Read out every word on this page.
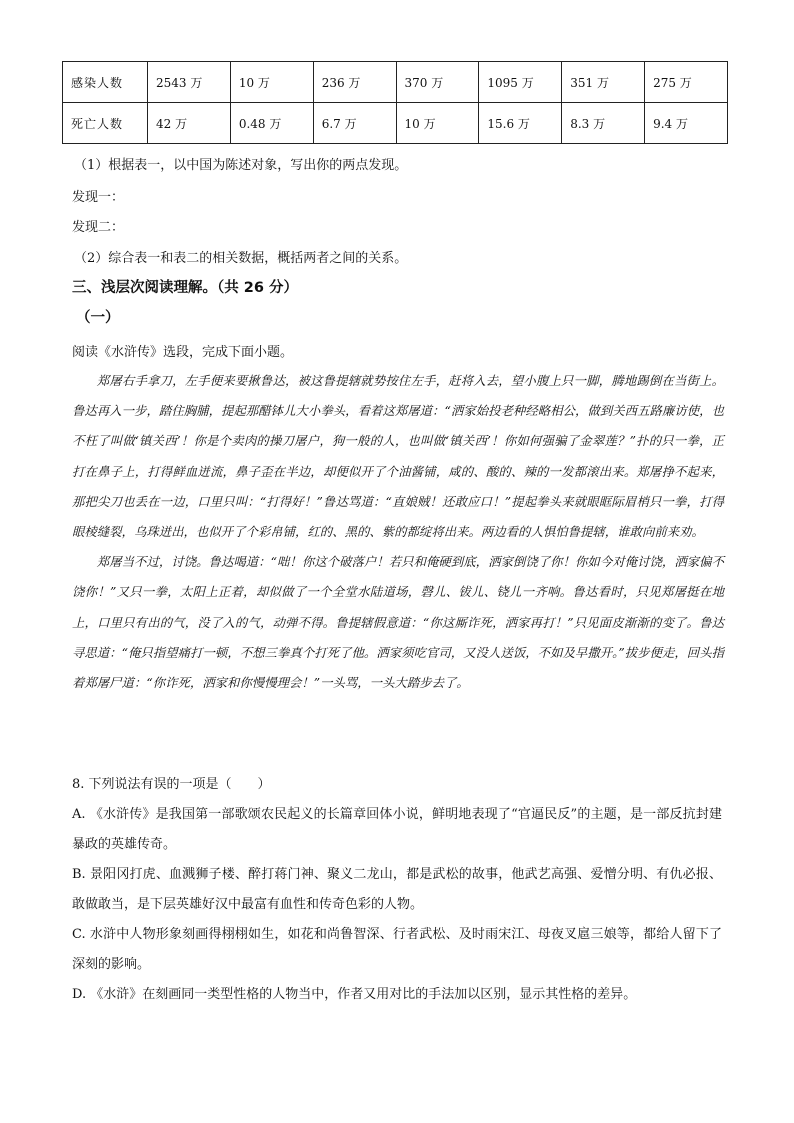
感染人数	2543 万	10 万	236 万	370 万	1095 万	351 万	275 万
死亡人数	42 万	0.48 万	6.7 万	10 万	15.6 万	8.3 万	9.4 万
（1）根据表一，以中国为陈述对象，写出你的两点发现。
发现一：
发现二：
（2）综合表一和表二的相关数据，概括两者之间的关系。
三、浅层次阅读理解。（共 26 分）
（一）
阅读《水浒传》选段，完成下面小题。

郑屠右手拿刀，左手便来要揪鲁达，被这鲁提辖就势按住左手，赶将入去，望小腹上只一脚，腾地踢倒在当街上。鲁达再入一步，踏住胸脯，提起那醋钵儿大小拳头，看着这郑屠道：“洒家始投老种经略相公，做到关西五路廉访使，也不枉了叫做‘镇关西’！你是个卖肉的操刀屠户，狗一般的人，也叫做‘镇关西’！你如何强骗了金翠莲？”扑的只一拳，正打在鼻子上，打得鲜血迸流，鼻子歪在半边，却便似开了个油酱铺，咸的、酸的、辣的一发都滚出来。郑屠挣不起来，那把尖刀也丢在一边，口里只叫：“打得好！”鲁达骂道：“直娘贼！还敢应口！”提起拳头来就眼眶际眉梢只一拳，打得眼棱缝裂，乌珠迸出，也似开了个彩帛铺，红的、黑的、紫的都绽将出来。两边看的人惧怕鲁提辖，谁敢向前来劝。

郑屠当不过，讨饶。鲁达喝道：“咄！你这个破落户！若只和俺硬到底，洒家倒饶了你！你如今对俺讨饶，洒家偏不饶你！”又只一拳，太阳上正着，却似做了一个全堂水陆道场，磬儿、钹儿、铙儿一齐响。鲁达看时，只见郑屠挺在地上，口里只有出的气，没了入的气，动弹不得。鲁提辖假意道：“你这厮诈死，洒家再打！”只见面皮渐渐的变了。鲁达寻思道：“俺只指望痛打一顿，不想三拳真个打死了他。洒家须吃官司，又没人送饭，不如及早撒开。”拔步便走，回头指着郑屠尸道：“你诈死，洒家和你慢慢理会！”一头骂，一头大踏步去了。

8. 下列说法有误的一项是（　　）

A. 《水浒传》是我国第一部歌颂农民起义的长篇章回体小说，鲜明地表现了“官逼民反”的主题，是一部反抗封建暴政的英雄传奇。

B. 景阳冈打虎、血溅狮子楼、醉打蒋门神、聚义二龙山，都是武松的故事，他武艺高强、爱憎分明、有仇必报、敢做敢当，是下层英雄好汉中最富有血性和传奇色彩的人物。

C. 水浒中人物形象刻画得栩栩如生，如花和尚鲁智深、行者武松、及时雨宋江、母夜叉扈三娘等，都给人留下了深刻的影响。

D. 《水浒》在刻画同一类型性格的人物当中，作者又用对比的手法加以区别，显示其性格的差异。
